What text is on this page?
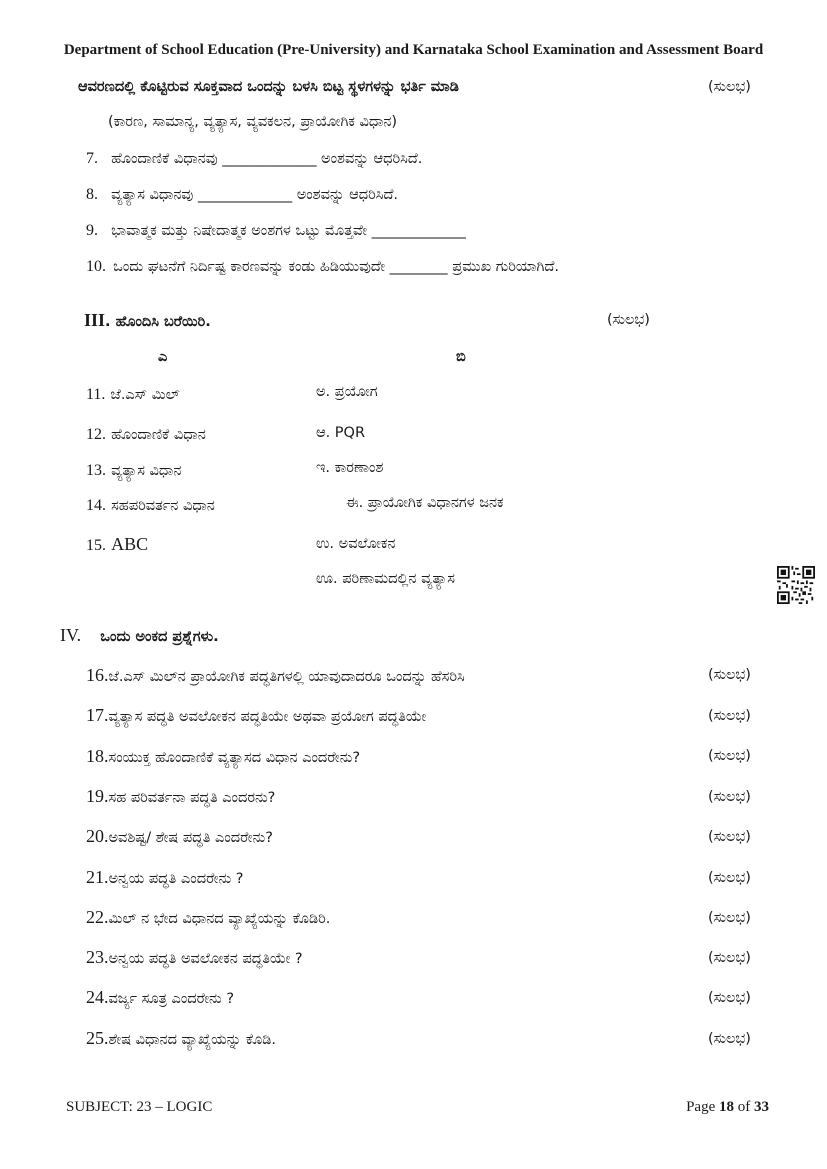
Department of School Education (Pre-University) and Karnataka School Examination and Assessment Board
ಆವರಣದಲ್ಲಿ ಕೊಟ್ಟಿರುವ ಸೂಕ್ತವಾದ ಒಂದನ್ನು ಬಳಸಿ ಬಿಟ್ಟ ಸ್ಥಳಗಳನ್ನು ಭರ್ತಿ ಮಾಡಿ	(ಸುಲಭ)
(ಕಾರಣ, ಸಾಮಾನ್ಯ, ವ್ಯತ್ಯಾಸ, ವ್ಯವಕಲನ, ಪ್ರಾಯೋಗಿಕ ವಿಧಾನ)
7. ಹೊಂದಾಣಿಕೆ ವಿಧಾನವು _____________ ಅಂಶವನ್ನು ಆಧರಿಸಿದೆ.
8. ವ್ಯತ್ಯಾಸ ವಿಧಾನವು _____________ ಅಂಶವನ್ನು ಆಧರಿಸಿದೆ.
9. ಭಾವಾತ್ಮಕ ಮತ್ತು ನಿಷೇದಾತ್ಮಕ ಅಂಶಗಳ ಒಟ್ಟು ಮೊತ್ತವೇ _____________
10. ಒಂದು ಘಟನೆಗೆ ನಿರ್ದಿಷ್ಟ ಕಾರಣವನ್ನು ಕಂಡು ಹಿಡಿಯುವುದೇ ________ ಪ್ರಮುಖ ಗುರಿಯಾಗಿದೆ.
III. ಹೊಂದಿಸಿ ಬರೆಯಿರಿ.	(ಸುಲಭ)
ಎ	ಬಿ
11. ಜೆ.ಎಸ್ ಮಿಲ್	ಅ. ಪ್ರಯೋಗ
12. ಹೊಂದಾಣಿಕೆ ವಿಧಾನ	ಆ. PQR
13. ವ್ಯತ್ಯಾಸ ವಿಧಾನ	ಇ. ಕಾರಣಾಂಶ
14. ಸಹಪರಿವರ್ತನ ವಿಧಾನ	ಈ. ಪ್ರಾಯೋಗಿಕ ವಿಧಾನಗಳ ಜನಕ
15. ABC	ಉ. ಅವಲೋಕನ
ಊ. ಪರಿಣಾಮದಲ್ಲಿನ ವ್ಯತ್ಯಾಸ
IV. ಒಂದು ಅಂಕದ ಪ್ರಶ್ನೆಗಳು.
16. ಜೆ.ಎಸ್ ಮಿಲ್‌ನ ಪ್ರಾಯೋಗಿಕ ಪದ್ಧತಿಗಳಲ್ಲಿ ಯಾವುದಾದರೂ ಒಂದನ್ನು ಹೆಸರಿಸಿ	(ಸುಲಭ)
17. ವ್ಯತ್ಯಾಸ ಪದ್ಧತಿ ಅವಲೋಕನ ಪದ್ಧತಿಯೇ ಅಥವಾ ಪ್ರಯೋಗ ಪದ್ಧತಿಯೇ	(ಸುಲಭ)
18. ಸಂಯುಕ್ತ ಹೊಂದಾಣಿಕೆ ವ್ಯತ್ಯಾಸದ ವಿಧಾನ ಎಂದರೇನು?	(ಸುಲಭ)
19. ಸಹ ಪರಿವರ್ತನಾ ಪದ್ಧತಿ ಎಂದರನು?	(ಸುಲಭ)
20. ಅವಶಿಷ್ಟ/ ಶೇಷ ಪದ್ಧತಿ ಎಂದರೇನು?	(ಸುಲಭ)
21. ಅನ್ವಯ ಪದ್ಧತಿ ಎಂದರೇನು ?	(ಸುಲಭ)
22. ಮಿಲ್ ನ ಭೇದ ವಿಧಾನದ ವ್ಯಾಖ್ಯೆಯನ್ನು ಕೊಡಿರಿ.	(ಸುಲಭ)
23. ಅನ್ವಯ ಪದ್ಧತಿ ಅವಲೋಕನ ಪದ್ಧತಿಯೇ ?	(ಸುಲಭ)
24. ವರ್ಜ್ಯ ಸೂತ್ರ ಎಂದರೇನು ?	(ಸುಲಭ)
25. ಶೇಷ ವಿಧಾನದ ವ್ಯಾಖ್ಯೆಯನ್ನು ಕೊಡಿ.	(ಸುಲಭ)
SUBJECT: 23 – LOGIC	Page 18 of 33
